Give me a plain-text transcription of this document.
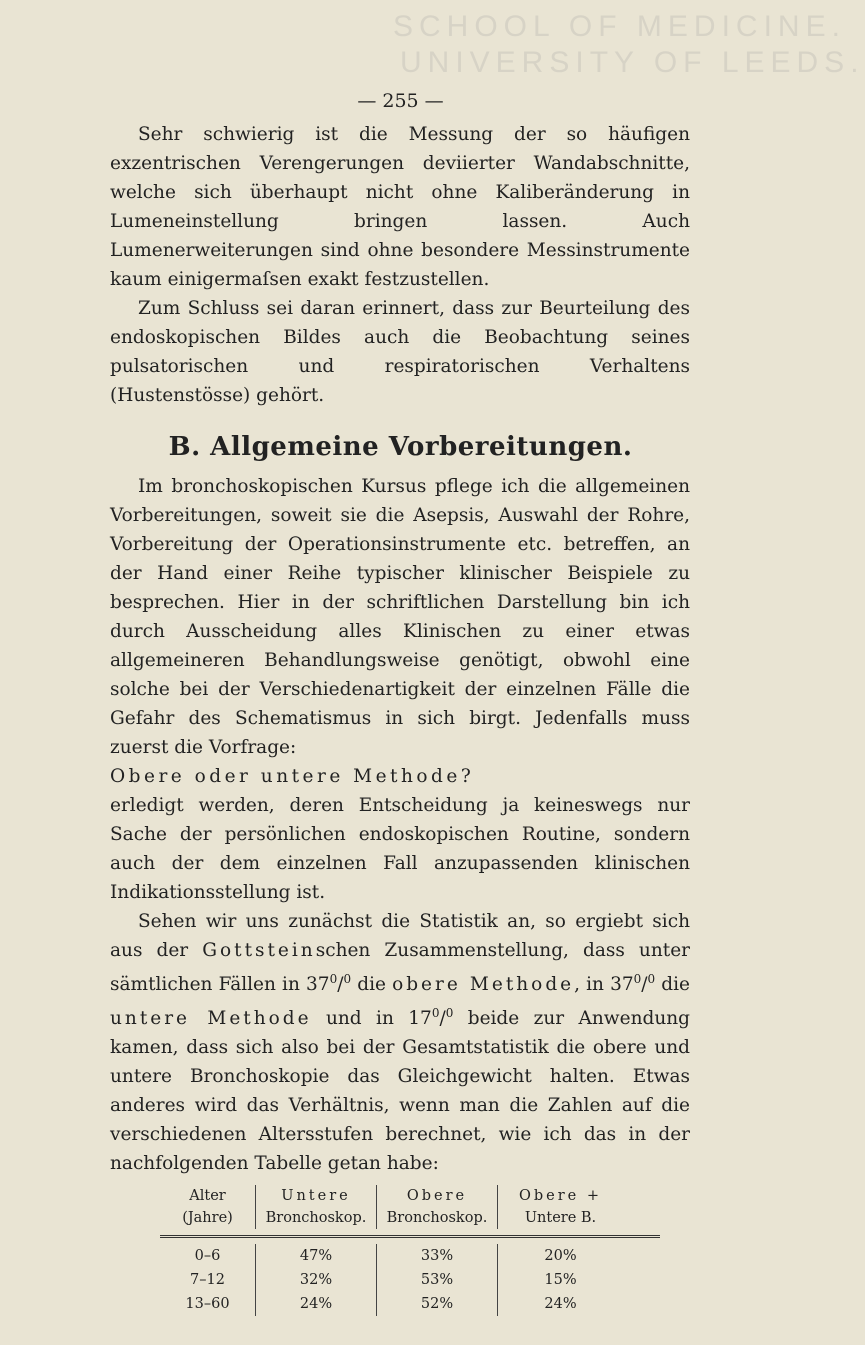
SCHOOL OF MEDICINE.
UNIVERSITY OF LEEDS.
— 255 —

Sehr schwierig ist die Messung der so häufigen exzentrischen Verengerungen deviierter Wandabschnitte, welche sich überhaupt nicht ohne Kaliberänderung in Lumeneinstellung bringen lassen. Auch Lumenerweiterungen sind ohne besondere Messinstrumente kaum einigermaſsen exakt festzustellen.

Zum Schluss sei daran erinnert, dass zur Beurteilung des endoskopischen Bildes auch die Beobachtung seines pulsatorischen und respiratorischen Verhaltens (Hustenstösse) gehört.

B. Allgemeine Vorbereitungen.

Im bronchoskopischen Kursus pflege ich die allgemeinen Vorbereitungen, soweit sie die Asepsis, Auswahl der Rohre, Vorbereitung der Operationsinstrumente etc. betreffen, an der Hand einer Reihe typischer klinischer Beispiele zu besprechen. Hier in der schriftlichen Darstellung bin ich durch Ausscheidung alles Klinischen zu einer etwas allgemeineren Behandlungsweise genötigt, obwohl eine solche bei der Verschiedenartigkeit der einzelnen Fälle die Gefahr des Schematismus in sich birgt. Jedenfalls muss zuerst die Vorfrage:

Obere oder untere Methode?

erledigt werden, deren Entscheidung ja keineswegs nur Sache der persönlichen endoskopischen Routine, sondern auch der dem einzelnen Fall anzupassenden klinischen Indikationsstellung ist.

Sehen wir uns zunächst die Statistik an, so ergiebt sich aus der Gottsteinschen Zusammenstellung, dass unter sämtlichen Fällen in $37^0/^0$ die obere Methode, in $37^0/^0$ die untere Methode und in $17^0/^0$ beide zur Anwendung kamen, dass sich also bei der Gesamtstatistik die obere und untere Bronchoskopie das Gleichgewicht halten. Etwas anderes wird das Verhältnis, wenn man die Zahlen auf die verschiedenen Altersstufen berechnet, wie ich das in der nachfolgenden Tabelle getan habe:

Alter
(Jahre)
Untere
Bronchoskop.
Obere
Bronchoskop.
Obere +
Untere B.
0–6
7–12
13–60
47%
32%
24%
33%
53%
52%
20%
15%
24%
